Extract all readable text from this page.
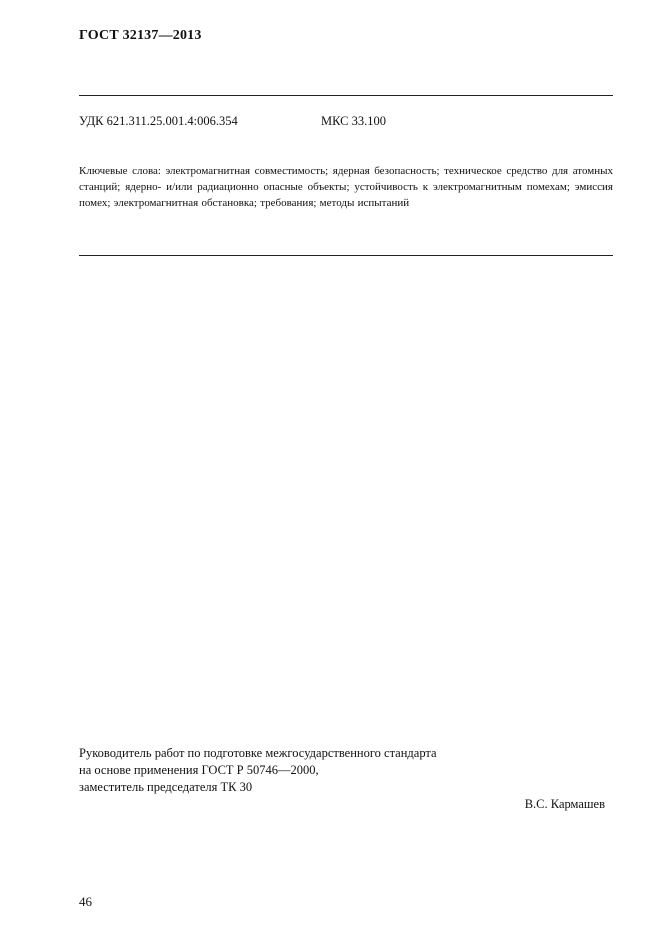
ГОСТ 32137—2013
УДК 621.311.25.001.4:006.354	МКС 33.100
Ключевые слова: электромагнитная совместимость; ядерная безопасность; техническое средство для атомных станций; ядерно- и/или радиационно опасные объекты; устойчивость к электромагнитным помехам; эмиссия помех; электромагнитная обстановка; требования; методы испытаний
Руководитель работ по подготовке межгосударственного стандарта
на основе применения ГОСТ Р 50746—2000,
заместитель председателя ТК 30
В.С. Кармашев
46
